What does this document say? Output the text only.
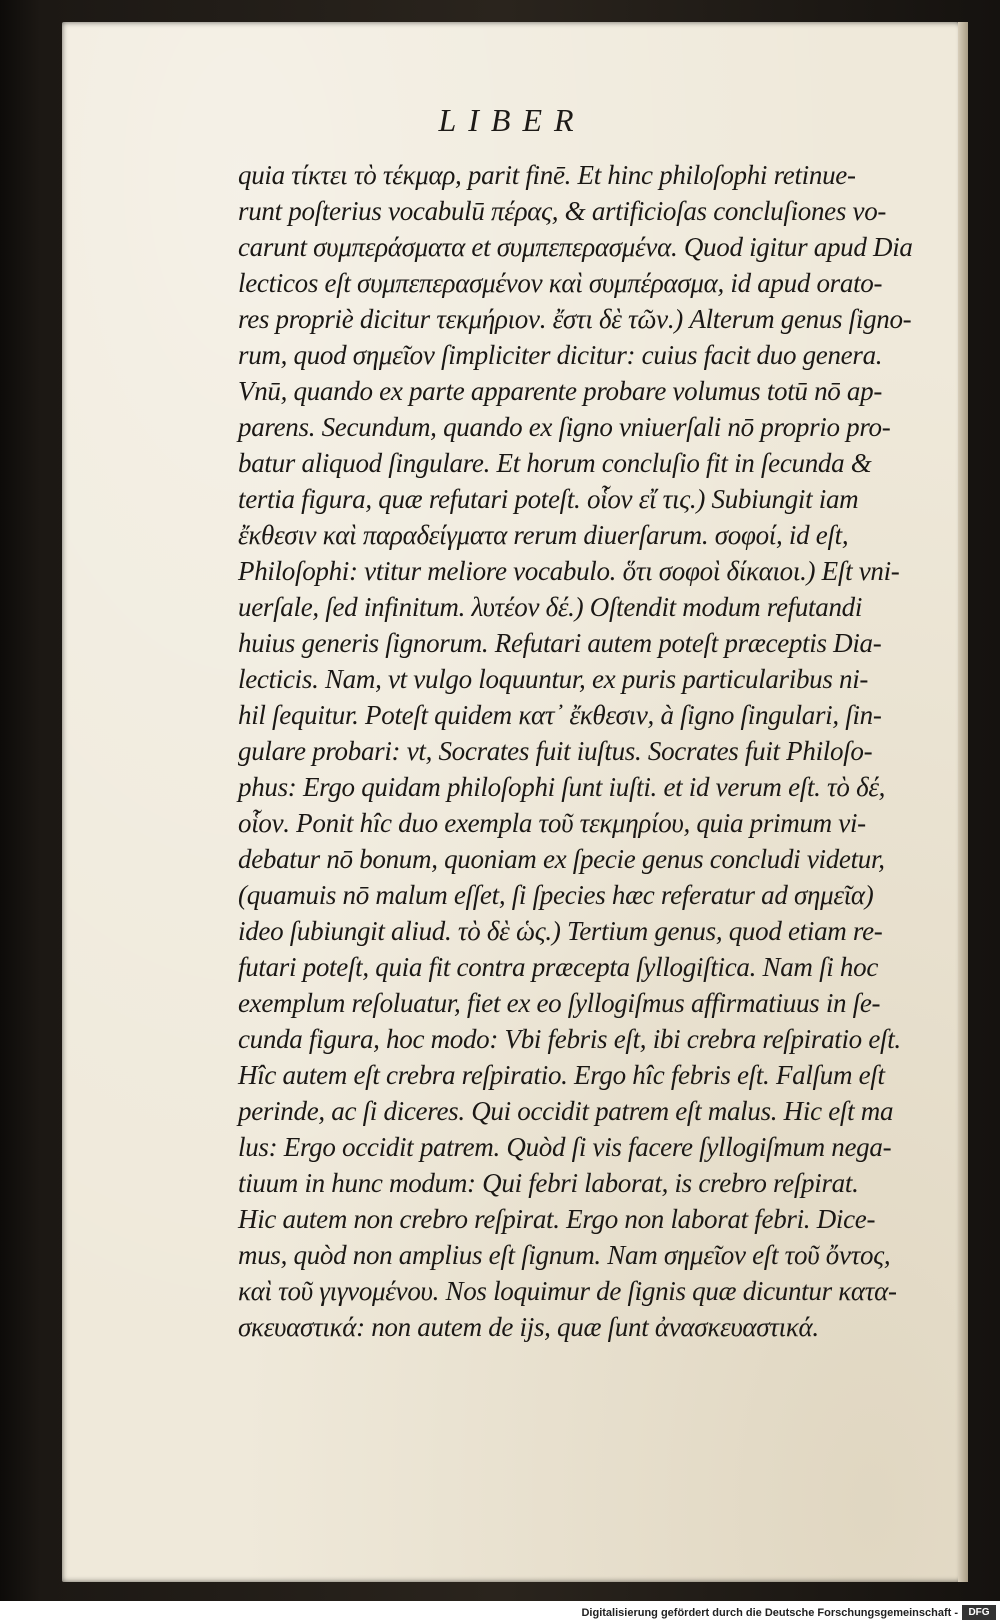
LIBER
quia τίκτει τὸ τέκμαρ, parit finē. Et hinc philoſophi retinue-
runt poſterius vocabulū πέρας, & artificioſas concluſiones vo-
carunt συμπεράσματα et συμπεπερασμένα. Quod igitur apud Dia
lecticos eſt συμπεπερασμένον καὶ συμπέρασμα, id apud orato-
res propriè dicitur τεκμήριον. ἔστι δὲ τῶν.) Alterum genus ſigno-
rum, quod σημεῖον ſimpliciter dicitur: cuius facit duo genera.
Vnū, quando ex parte apparente probare volumus totū nō ap-
parens. Secundum, quando ex ſigno vniuerſali nō proprio pro-
batur aliquod ſingulare. Et horum concluſio fit in ſecunda &
tertia figura, quæ refutari poteſt. οἷον εἴ τις.) Subiungit iam
ἔκθεσιν καὶ παραδείγματα rerum diuerſarum. σοφοί, id eſt,
Philoſophi: vtitur meliore vocabulo. ὅτι σοφοὶ δίκαιοι.) Eſt vni-
uerſale, ſed infinitum. λυτέον δέ.) Oſtendit modum refutandi
huius generis ſignorum. Refutari autem poteſt præceptis Dia-
lecticis. Nam, vt vulgo loquuntur, ex puris particularibus ni-
hil ſequitur. Poteſt quidem κατ᾽ ἔκθεσιν, à ſigno ſingulari, ſin-
gulare probari: vt, Socrates fuit iuſtus. Socrates fuit Philoſo-
phus: Ergo quidam philoſophi ſunt iuſti. et id verum eſt. τὸ δέ,
οἷον. Ponit hîc duo exempla τοῦ τεκμηρίου, quia primum vi-
debatur nō bonum, quoniam ex ſpecie genus concludi videtur,
(quamuis nō malum eſſet, ſi ſpecies hæc referatur ad σημεῖα)
ideo ſubiungit aliud. τὸ δὲ ὡς.) Tertium genus, quod etiam re-
futari poteſt, quia fit contra præcepta ſyllogiſtica. Nam ſi hoc
exemplum reſoluatur, fiet ex eo ſyllogiſmus affirmatiuus in ſe-
cunda figura, hoc modo: Vbi febris eſt, ibi crebra reſpiratio eſt.
Hîc autem eſt crebra reſpiratio. Ergo hîc febris eſt. Falſum eſt
perinde, ac ſi diceres. Qui occidit patrem eſt malus. Hic eſt ma
lus: Ergo occidit patrem. Quòd ſi vis facere ſyllogiſmum nega-
tiuum in hunc modum: Qui febri laborat, is crebro reſpirat.
Hic autem non crebro reſpirat. Ergo non laborat febri. Dice-
mus, quòd non amplius eſt ſignum. Nam σημεῖον eſt τοῦ ὄντος,
καὶ τοῦ γιγνομένου. Nos loquimur de ſignis quæ dicuntur κατα-
σκευαστικά: non autem de ijs, quæ ſunt ἀνασκευαστικά.
Digitalisierung gefördert durch die Deutsche Forschungsgemeinschaft -	DFG
